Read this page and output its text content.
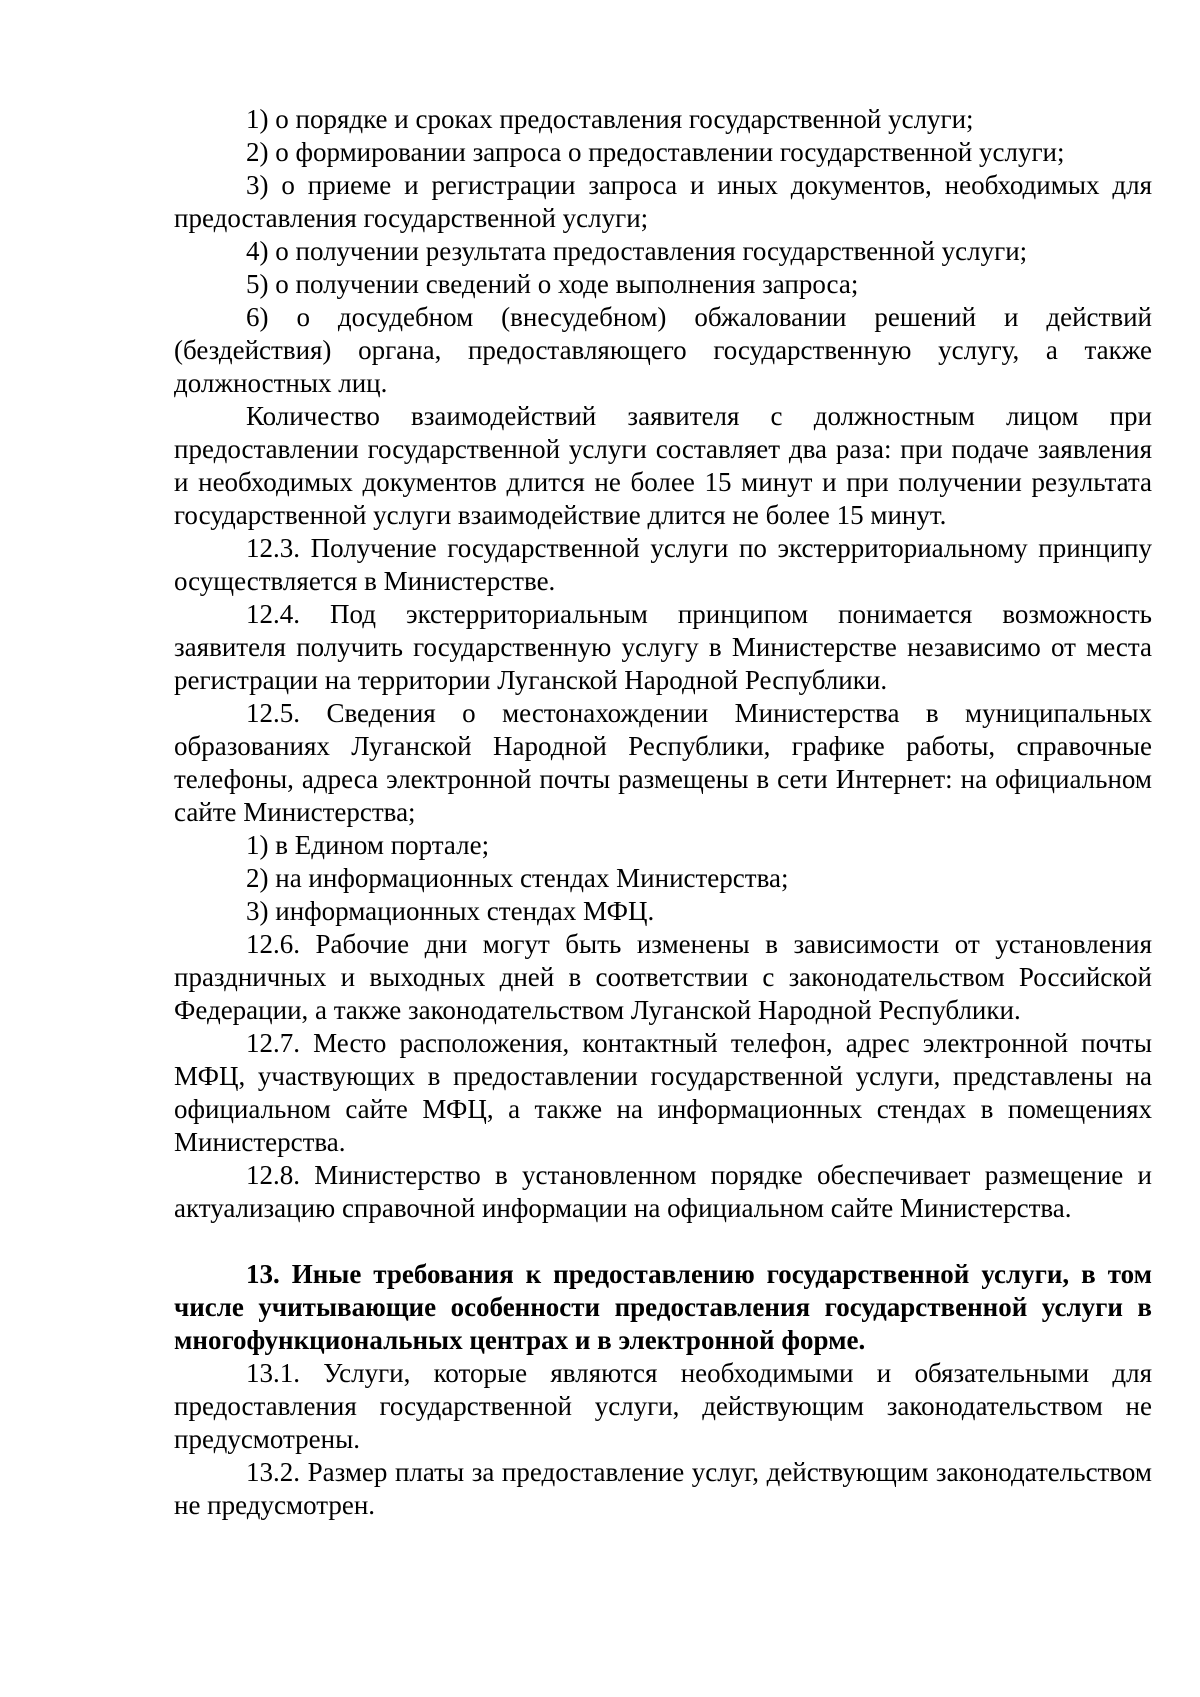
1) о порядке и сроках предоставления государственной услуги;

2) о формировании запроса о предоставлении государственной услуги;

3) о приеме и регистрации запроса и иных документов, необходимых для предоставления государственной услуги;

4) о получении результата предоставления государственной услуги;

5) о получении сведений о ходе выполнения запроса;

6) о досудебном (внесудебном) обжаловании решений и действий (бездействия) органа, предоставляющего государственную услугу, а также должностных лиц.

Количество взаимодействий заявителя с должностным лицом при предоставлении государственной услуги составляет два раза: при подаче заявления и необходимых документов длится не более 15 минут и при получении результата государственной услуги взаимодействие длится не более 15 минут.

12.3. Получение государственной услуги по экстерриториальному принципу осуществляется в Министерстве.

12.4. Под экстерриториальным принципом понимается возможность заявителя получить государственную услугу в Министерстве независимо от места регистрации на территории Луганской Народной Республики.

12.5. Сведения о местонахождении Министерства в муниципальных образованиях Луганской Народной Республики, графике работы, справочные телефоны, адреса электронной почты размещены в сети Интернет: на официальном сайте Министерства;

1) в Едином портале;

2) на информационных стендах Министерства;

3) информационных стендах МФЦ.

12.6. Рабочие дни могут быть изменены в зависимости от установления праздничных и выходных дней в соответствии с законодательством Российской Федерации, а также законодательством Луганской Народной Республики.

12.7. Место расположения, контактный телефон, адрес электронной почты МФЦ, участвующих в предоставлении государственной услуги, представлены на официальном сайте МФЦ, а также на информационных стендах в помещениях Министерства.

12.8. Министерство в установленном порядке обеспечивает размещение и актуализацию справочной информации на официальном сайте Министерства.

13. Иные требования к предоставлению государственной услуги, в том числе учитывающие особенности предоставления государственной услуги в многофункциональных центрах и в электронной форме.

13.1. Услуги, которые являются необходимыми и обязательными для предоставления государственной услуги, действующим законодательством не предусмотрены.

13.2. Размер платы за предоставление услуг, действующим законодательством не предусмотрен.
